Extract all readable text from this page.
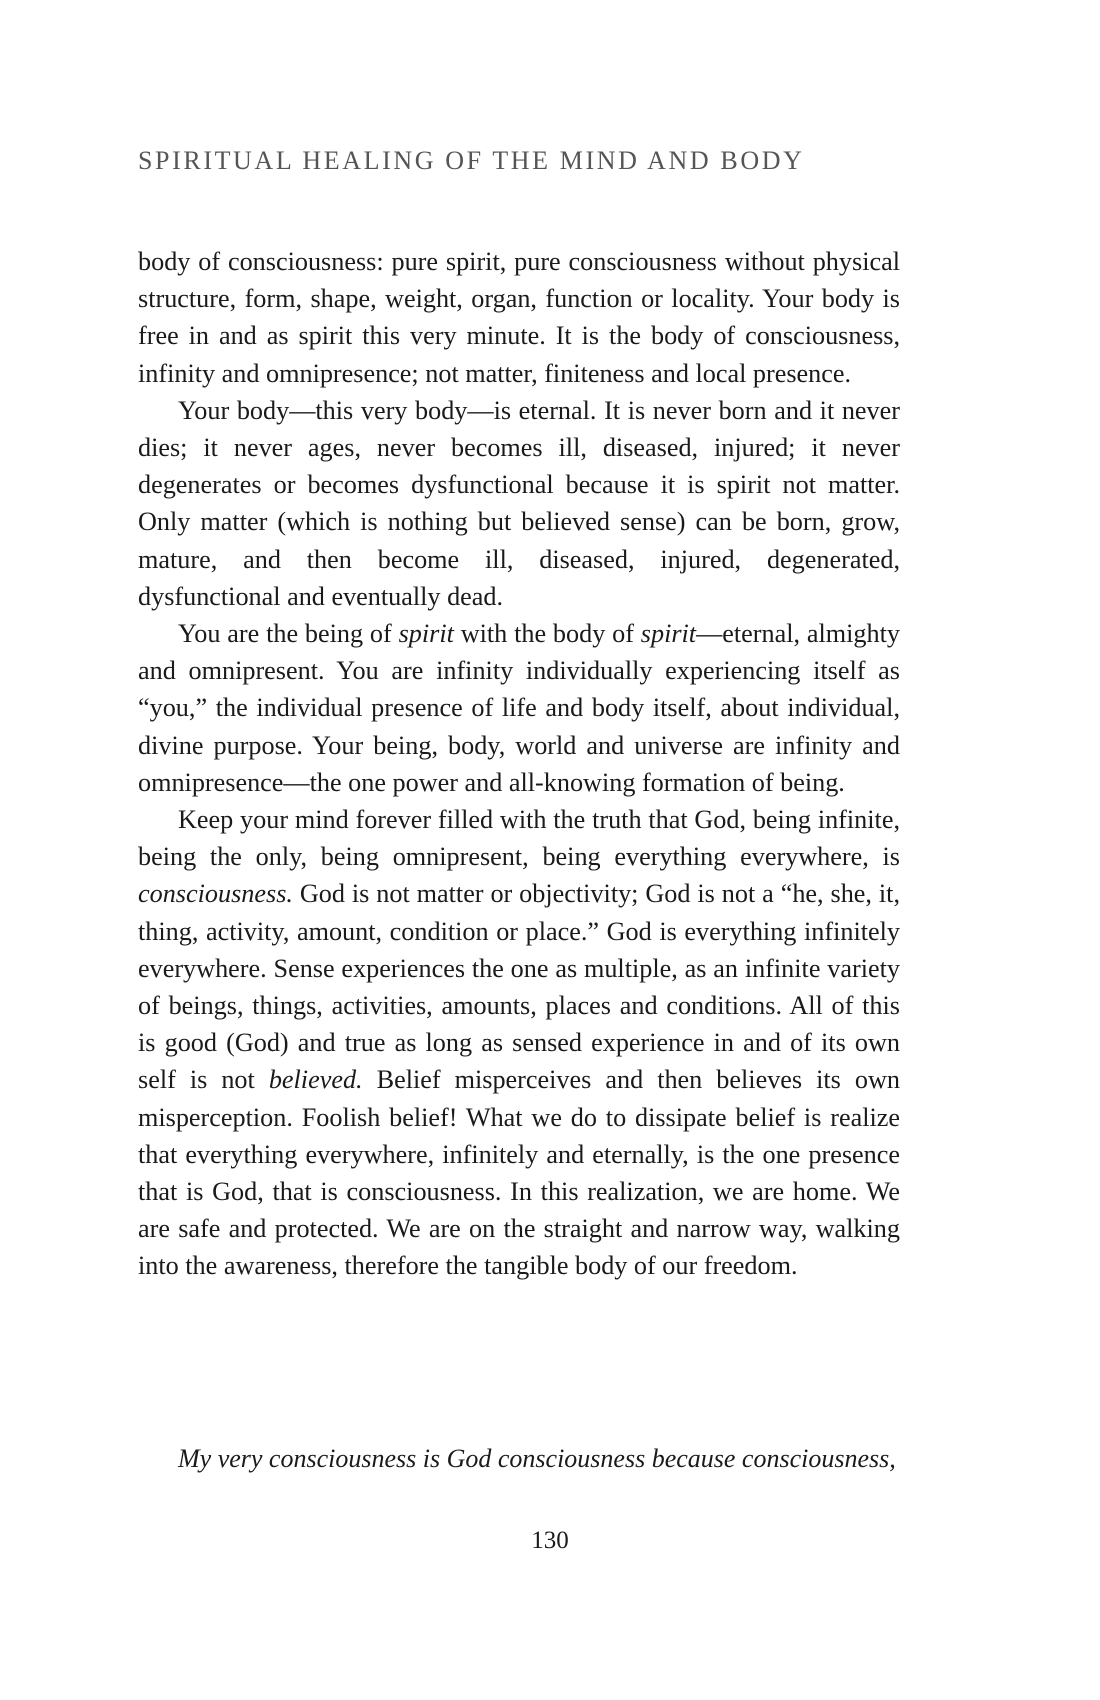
SPIRITUAL HEALING OF THE MIND AND BODY

body of consciousness: pure spirit, pure consciousness without physical structure, form, shape, weight, organ, function or locality. Your body is free in and as spirit this very minute. It is the body of consciousness, infinity and omnipresence; not matter, finiteness and local presence.

Your body—this very body—is eternal. It is never born and it never dies; it never ages, never becomes ill, diseased, injured; it never degenerates or becomes dysfunctional because it is spirit not matter. Only matter (which is nothing but believed sense) can be born, grow, mature, and then become ill, diseased, injured, degenerated, dysfunctional and eventually dead.

You are the being of spirit with the body of spirit—eternal, almighty and omnipresent. You are infinity individually experiencing itself as “you,” the individual presence of life and body itself, about individual, divine purpose. Your being, body, world and universe are infinity and omnipresence—the one power and all-knowing formation of being.

Keep your mind forever filled with the truth that God, being infinite, being the only, being omnipresent, being everything everywhere, is consciousness. God is not matter or objectivity; God is not a “he, she, it, thing, activity, amount, condition or place.” God is everything infinitely everywhere. Sense experiences the one as multiple, as an infinite variety of beings, things, activities, amounts, places and conditions. All of this is good (God) and true as long as sensed experience in and of its own self is not believed. Belief misperceives and then believes its own misperception. Foolish belief! What we do to dissipate belief is realize that everything everywhere, infinitely and eternally, is the one presence that is God, that is consciousness. In this realization, we are home. We are safe and protected. We are on the straight and narrow way, walking into the awareness, therefore the tangible body of our freedom.

My very consciousness is God consciousness because consciousness,
130
